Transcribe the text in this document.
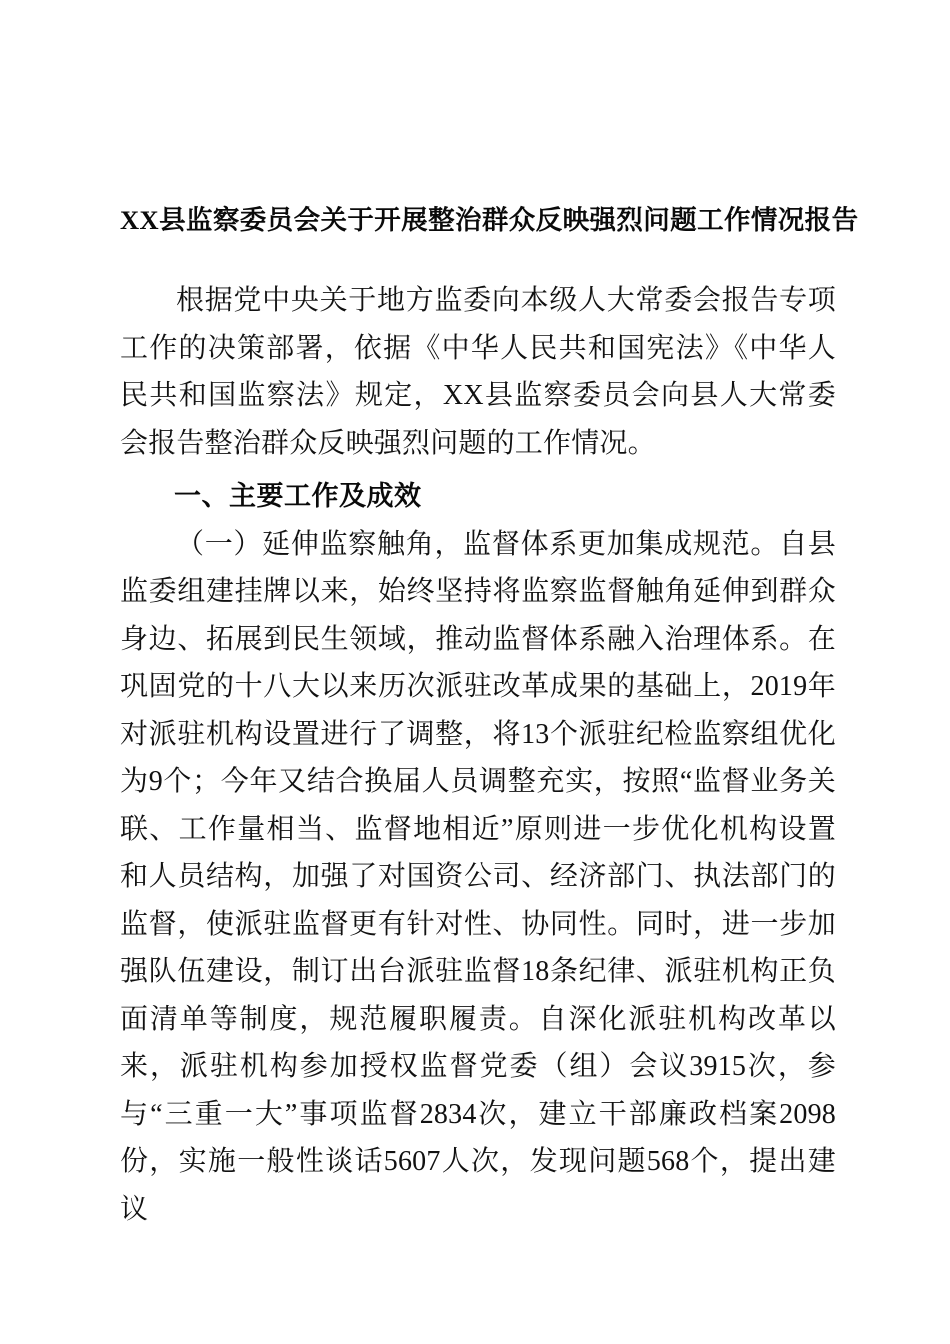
XX县监察委员会关于开展整治群众反映强烈问题工作情况报告

根据党中央关于地方监委向本级人大常委会报告专项工作的决策部署，依据《中华人民共和国宪法》《中华人民共和国监察法》规定，XX县监察委员会向县人大常委会报告整治群众反映强烈问题的工作情况。

一、主要工作及成效

（一）延伸监察触角，监督体系更加集成规范。自县监委组建挂牌以来，始终坚持将监察监督触角延伸到群众身边、拓展到民生领域，推动监督体系融入治理体系。在巩固党的十八大以来历次派驻改革成果的基础上，2019年对派驻机构设置进行了调整，将13个派驻纪检监察组优化为9个；今年又结合换届人员调整充实，按照“监督业务关联、工作量相当、监督地相近”原则进一步优化机构设置和人员结构，加强了对国资公司、经济部门、执法部门的监督，使派驻监督更有针对性、协同性。同时，进一步加强队伍建设，制订出台派驻监督18条纪律、派驻机构正负面清单等制度，规范履职履责。自深化派驻机构改革以来，派驻机构参加授权监督党委（组）会议3915次，参与“三重一大”事项监督2834次，建立干部廉政档案2098份，实施一般性谈话5607人次，发现问题568个，提出建议
